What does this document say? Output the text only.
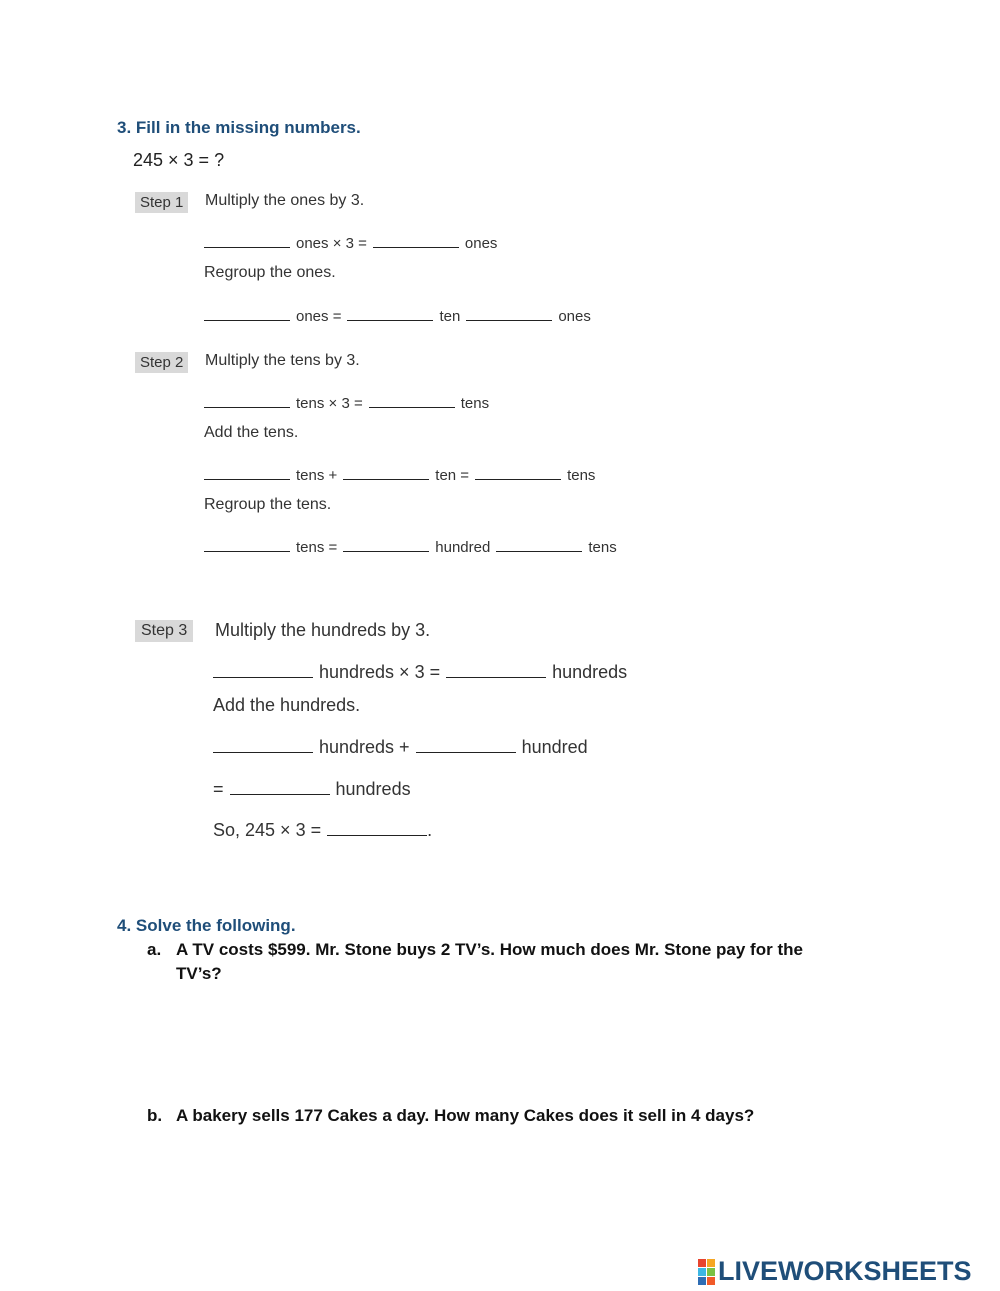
3. Fill in the missing numbers.
245 × 3 = ?
Step 1	Multiply the ones by 3.
ones × 3 =	ones
Regroup the ones.
ones =	ten	ones
Step 2	Multiply the tens by 3.
tens × 3 =	tens
Add the tens.
tens +	ten =	tens
Regroup the tens.
tens =	hundred	tens
Step 3	Multiply the hundreds by 3.
hundreds × 3 =	hundreds
Add the hundreds.
hundreds +	hundred
=	hundreds
So, 245 × 3 =	.
4. Solve the following.
a. A TV costs $599. Mr. Stone buys 2 TV’s. How much does Mr. Stone pay for the
TV’s?
b. A bakery sells 177 Cakes a day. How many Cakes does it sell in 4 days?
LIVEWORKSHEETS
